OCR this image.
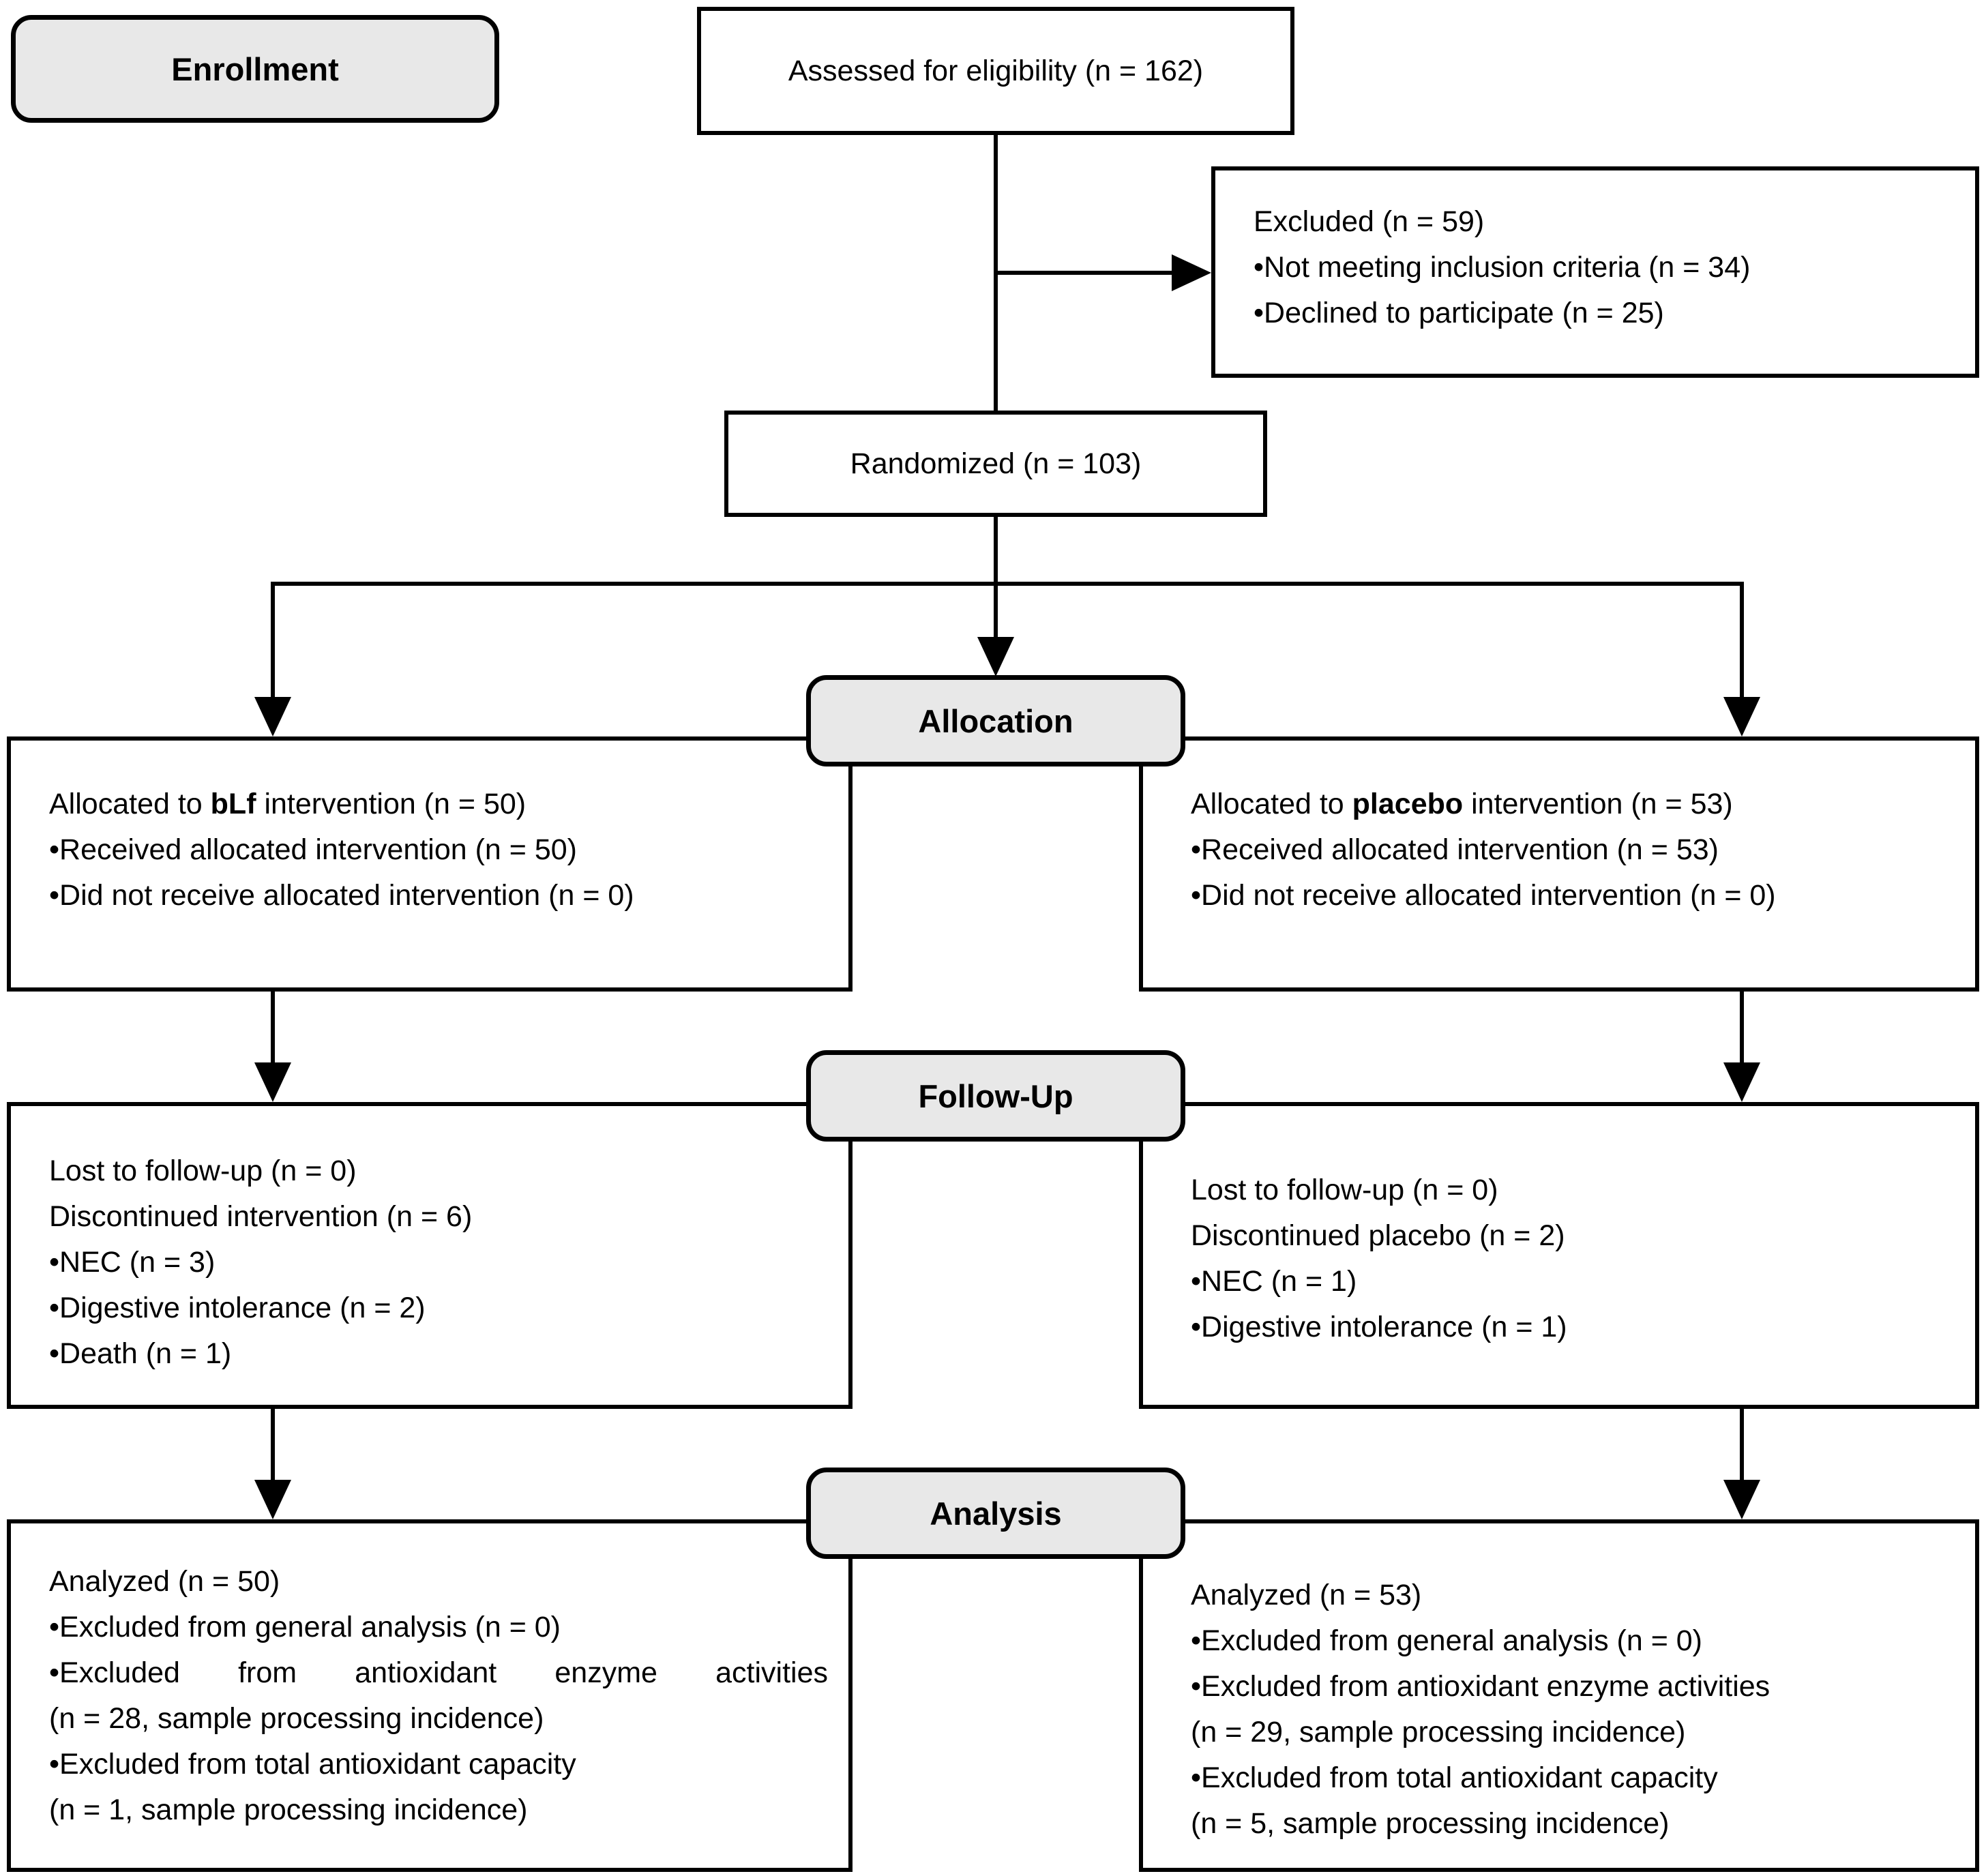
Enrollment	Assessed for eligibility (n = 162)
Excluded (n = 59)
•Not meeting inclusion criteria (n = 34)
•Declined to participate (n = 25)
Randomized (n = 103)
Allocation
Allocated to bLf intervention (n = 50)
•Received allocated intervention (n = 50)
•Did not receive allocated intervention (n = 0)
Allocated to placebo intervention (n = 53)
•Received allocated intervention (n = 53)
•Did not receive allocated intervention (n = 0)
Follow-Up
Lost to follow-up (n = 0)
Discontinued intervention (n = 6)
•NEC (n = 3)
•Digestive intolerance (n = 2)
•Death (n = 1)
Lost to follow-up (n = 0)
Discontinued placebo (n = 2)
•NEC (n = 1)
•Digestive intolerance (n = 1)
Analysis
Analyzed (n = 50)
•Excluded from general analysis (n = 0)
•Excluded from antioxidant enzyme activities
(n = 28, sample processing incidence)
•Excluded from total antioxidant capacity
(n = 1, sample processing incidence)
Analyzed (n = 53)
•Excluded from general analysis (n = 0)
•Excluded from antioxidant enzyme activities
(n = 29, sample processing incidence)
•Excluded from total antioxidant capacity
(n = 5, sample processing incidence)
